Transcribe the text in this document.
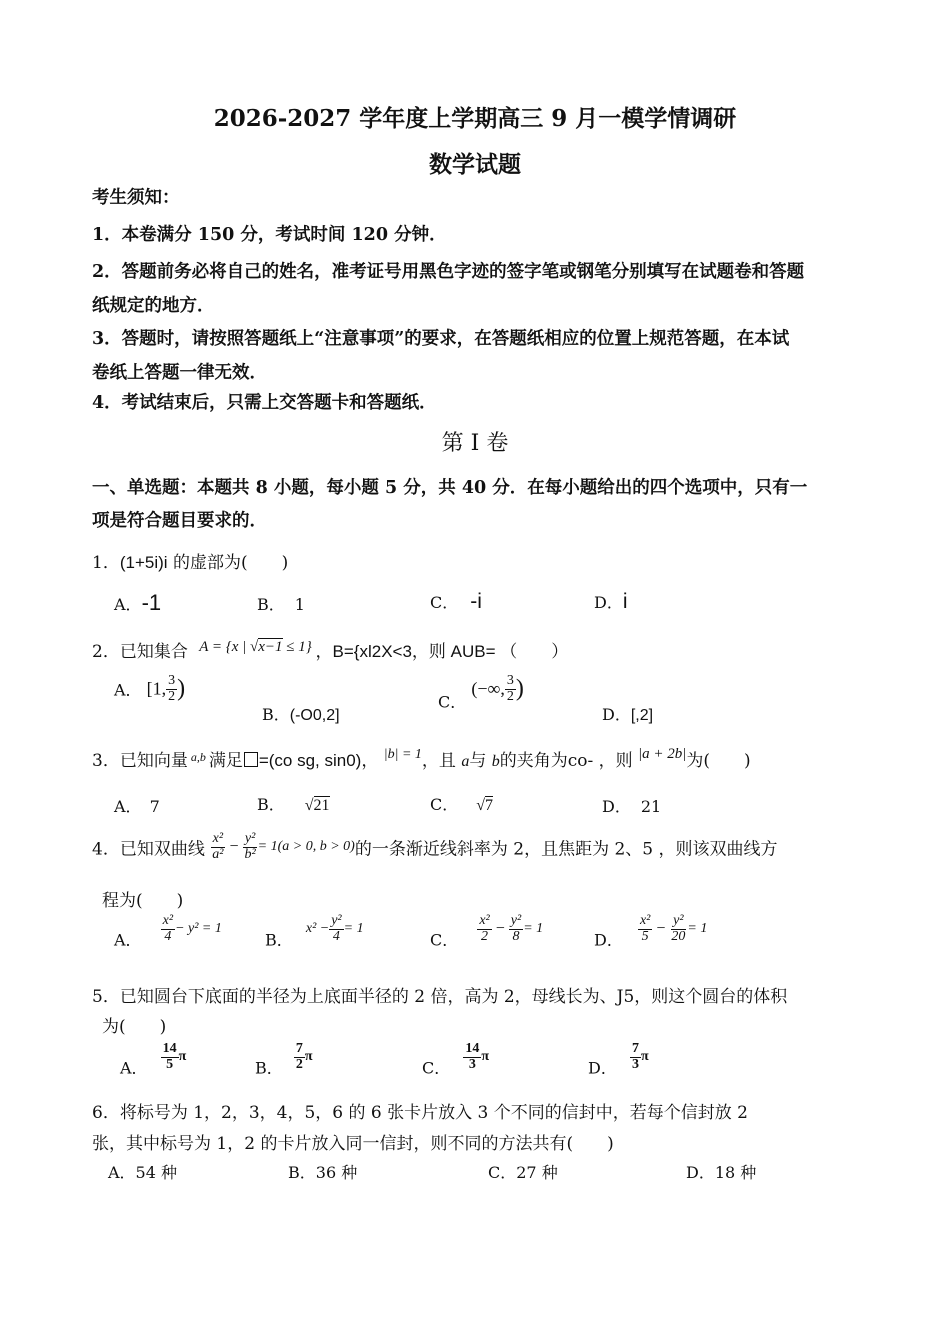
2026-2027 学年度上学期高三 9 月一模学情调研
数学试题
考生须知：
1．本卷满分 150 分，考试时间 120 分钟．
2．答题前务必将自己的姓名，准考证号用黑色字迹的签字笔或钢笔分别填写在试题卷和答题
纸规定的地方．
3．答题时，请按照答题纸上“注意事项”的要求，在答题纸相应的位置上规范答题，在本试
卷纸上答题一律无效．
4．考试结束后，只需上交答题卡和答题纸．
第 Ⅰ 卷
一、单选题：本题共 8 小题，每小题 5 分，共 40 分．在每小题给出的四个选项中，只有一
项是符合题目要求的．
1．(1+5i)i 的虚部为(　　)
A．-1	B． 1	C． -i	D．i
2．已知集合 A = {x | √x−1 ≤ 1} ，B={xl2X<3，则 AUB= （　　）
A． [1, $\frac{3}{2}$ )
B．(-O0,2]
C． (−∞, $\frac{3}{2}$ )
D．[,2]
3．已知向量 $^{a,b}$ 满足 =(co sg, sin0)， $^{|b| = 1}$，且 a与 b的夹角为co- ，则 |a + 2b|为(　　)
A． 7	B． √21	C． √7	D． 21
4．已知双曲线 $\frac{\text{x²}}{\text{a²}} - \frac{\text{y²}}{\text{b²}} = 1(a > 0$, b > 0)的一条渐近线斜率为 2，且焦距为 2、5 ，则该双曲线方
程为(　　)
A． $\frac{\text{x²}}{4} - y^2 = 1$
B． $x^2 - \frac{\text{y²}}{4} = 1$
C． $\frac{\text{x²}}{2} - \frac{\text{y²}}{8} = 1$
D． $\frac{\text{x²}}{5} - \frac{\text{y²}}{20} = 1$
5．已知圆台下底面的半径为上底面半径的 2 倍，高为 2，母线长为、J5，则这个圆台的体积
为(　　)
A． $\frac{14}{5}$ π
B． $\frac{7}{2}$ π
C． $\frac{14}{3}$ π
D． $\frac{7}{3}$ π
6．将标号为 1，2，3，4，5，6 的 6 张卡片放入 3 个不同的信封中，若每个信封放 2
张，其中标号为 1，2 的卡片放入同一信封，则不同的方法共有(　　)
A．54 种	B．36 种	C．27 种	D．18 种
